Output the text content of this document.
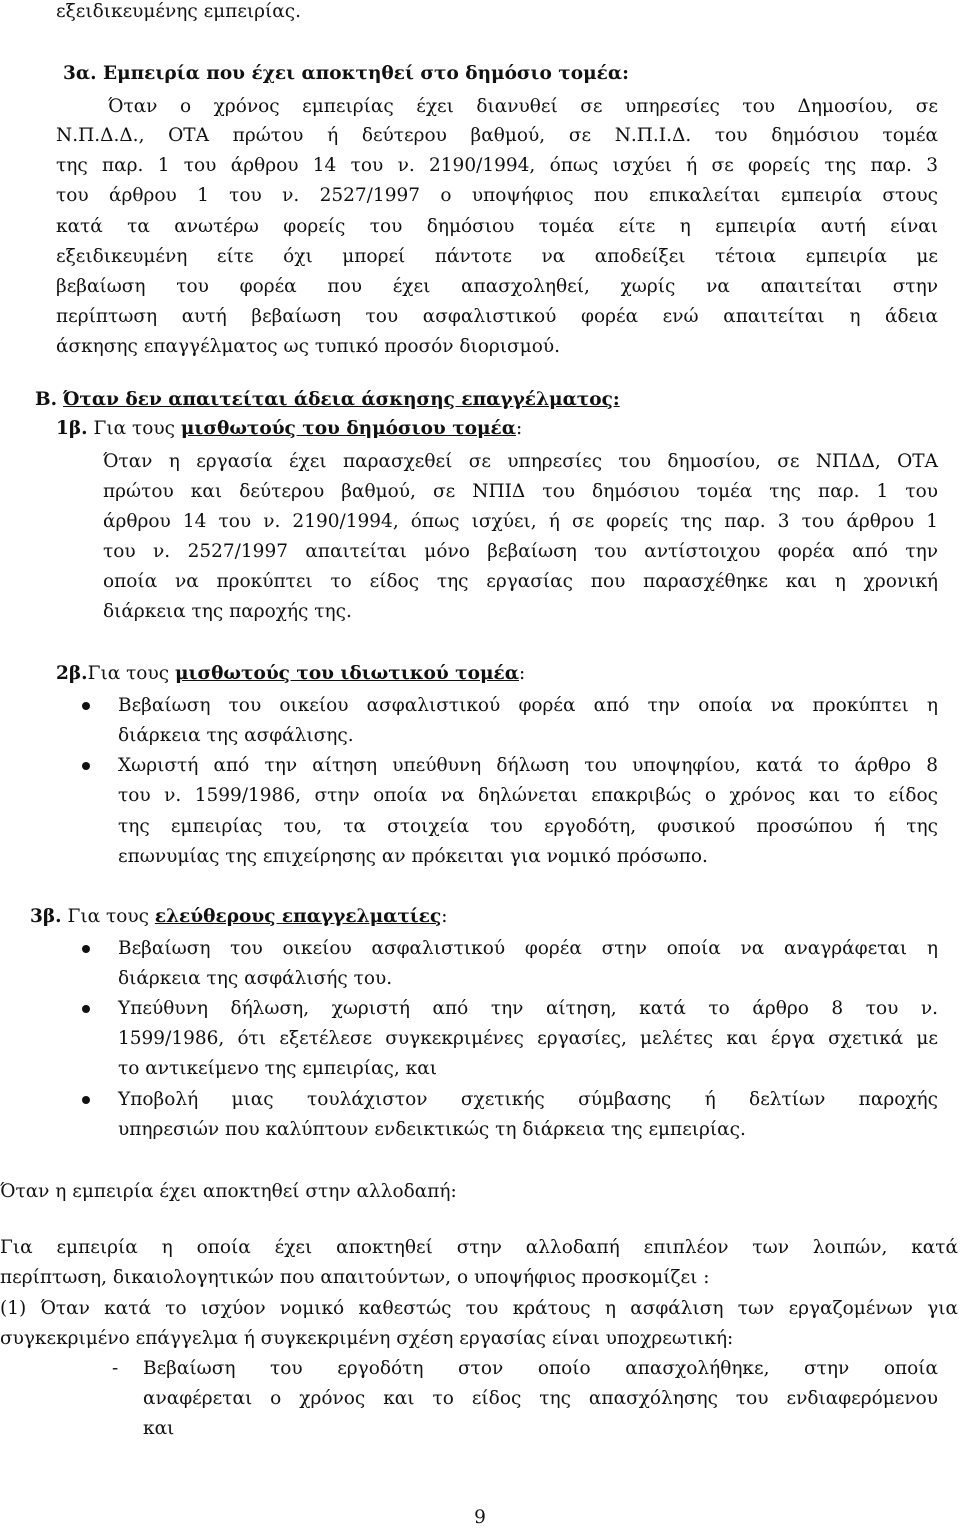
εξειδικευμένης εμπειρίας.
3α. Εμπειρία που έχει αποκτηθεί στο δημόσιο τομέα:
Όταν ο χρόνος εμπειρίας έχει διανυθεί σε υπηρεσίες του Δημοσίου, σε
Ν.Π.Δ.Δ., ΟΤΑ πρώτου ή δεύτερου βαθμού, σε Ν.Π.Ι.Δ. του δημόσιου τομέα
της παρ. 1 του άρθρου 14 του ν. 2190/1994, όπως ισχύει ή σε φορείς της παρ. 3
του άρθρου 1 του ν. 2527/1997 ο υποψήφιος που επικαλείται εμπειρία στους
κατά τα ανωτέρω φορείς του δημόσιου τομέα είτε η εμπειρία αυτή είναι
εξειδικευμένη είτε όχι μπορεί πάντοτε να αποδείξει τέτοια εμπειρία με
βεβαίωση του φορέα που έχει απασχοληθεί, χωρίς να απαιτείται στην
περίπτωση αυτή βεβαίωση του ασφαλιστικού φορέα ενώ απαιτείται η άδεια
άσκησης επαγγέλματος ως τυπικό προσόν διορισμού.
Β. Όταν δεν απαιτείται άδεια άσκησης επαγγέλματος:
1β. Για τους μισθωτούς του δημόσιου τομέα:
Όταν η εργασία έχει παρασχεθεί σε υπηρεσίες του δημοσίου, σε ΝΠΔΔ, ΟΤΑ
πρώτου και δεύτερου βαθμού, σε ΝΠΙΔ του δημόσιου τομέα της παρ. 1 του
άρθρου 14 του ν. 2190/1994, όπως ισχύει, ή σε φορείς της παρ. 3 του άρθρου 1
του ν. 2527/1997 απαιτείται μόνο βεβαίωση του αντίστοιχου φορέα από την
οποία να προκύπτει το είδος της εργασίας που παρασχέθηκε και η χρονική
διάρκεια της παροχής της.
2β.Για τους μισθωτούς του ιδιωτικού τομέα:
Βεβαίωση του οικείου ασφαλιστικού φορέα από την οποία να προκύπτει η
διάρκεια της ασφάλισης.
Χωριστή από την αίτηση υπεύθυνη δήλωση του υποψηφίου, κατά το άρθρο 8
του ν. 1599/1986, στην οποία να δηλώνεται επακριβώς ο χρόνος και το είδος
της εμπειρίας του, τα στοιχεία του εργοδότη, φυσικού προσώπου ή της
επωνυμίας της επιχείρησης αν πρόκειται για νομικό πρόσωπο.
3β. Για τους ελεύθερους επαγγελματίες:
Βεβαίωση του οικείου ασφαλιστικού φορέα στην οποία να αναγράφεται η
διάρκεια της ασφάλισής του.
Υπεύθυνη δήλωση, χωριστή από την αίτηση, κατά το άρθρο 8 του ν.
1599/1986, ότι εξετέλεσε συγκεκριμένες εργασίες, μελέτες και έργα σχετικά με
το αντικείμενο της εμπειρίας, και
Υποβολή μιας τουλάχιστον σχετικής σύμβασης ή δελτίων παροχής
υπηρεσιών που καλύπτουν ενδεικτικώς τη διάρκεια της εμπειρίας.
Όταν η εμπειρία έχει αποκτηθεί στην αλλοδαπή:
Για εμπειρία η οποία έχει αποκτηθεί στην αλλοδαπή επιπλέον των λοιπών, κατά
περίπτωση, δικαιολογητικών που απαιτούντων, ο υποψήφιος προσκομίζει :
(1) Όταν κατά το ισχύον νομικό καθεστώς του κράτους η ασφάλιση των εργαζομένων για
συγκεκριμένο επάγγελμα ή συγκεκριμένη σχέση εργασίας είναι υποχρεωτική:
- Βεβαίωση του εργοδότη στον οποίο απασχολήθηκε, στην οποία
αναφέρεται ο χρόνος και το είδος της απασχόλησης του ενδιαφερόμενου
και
9
